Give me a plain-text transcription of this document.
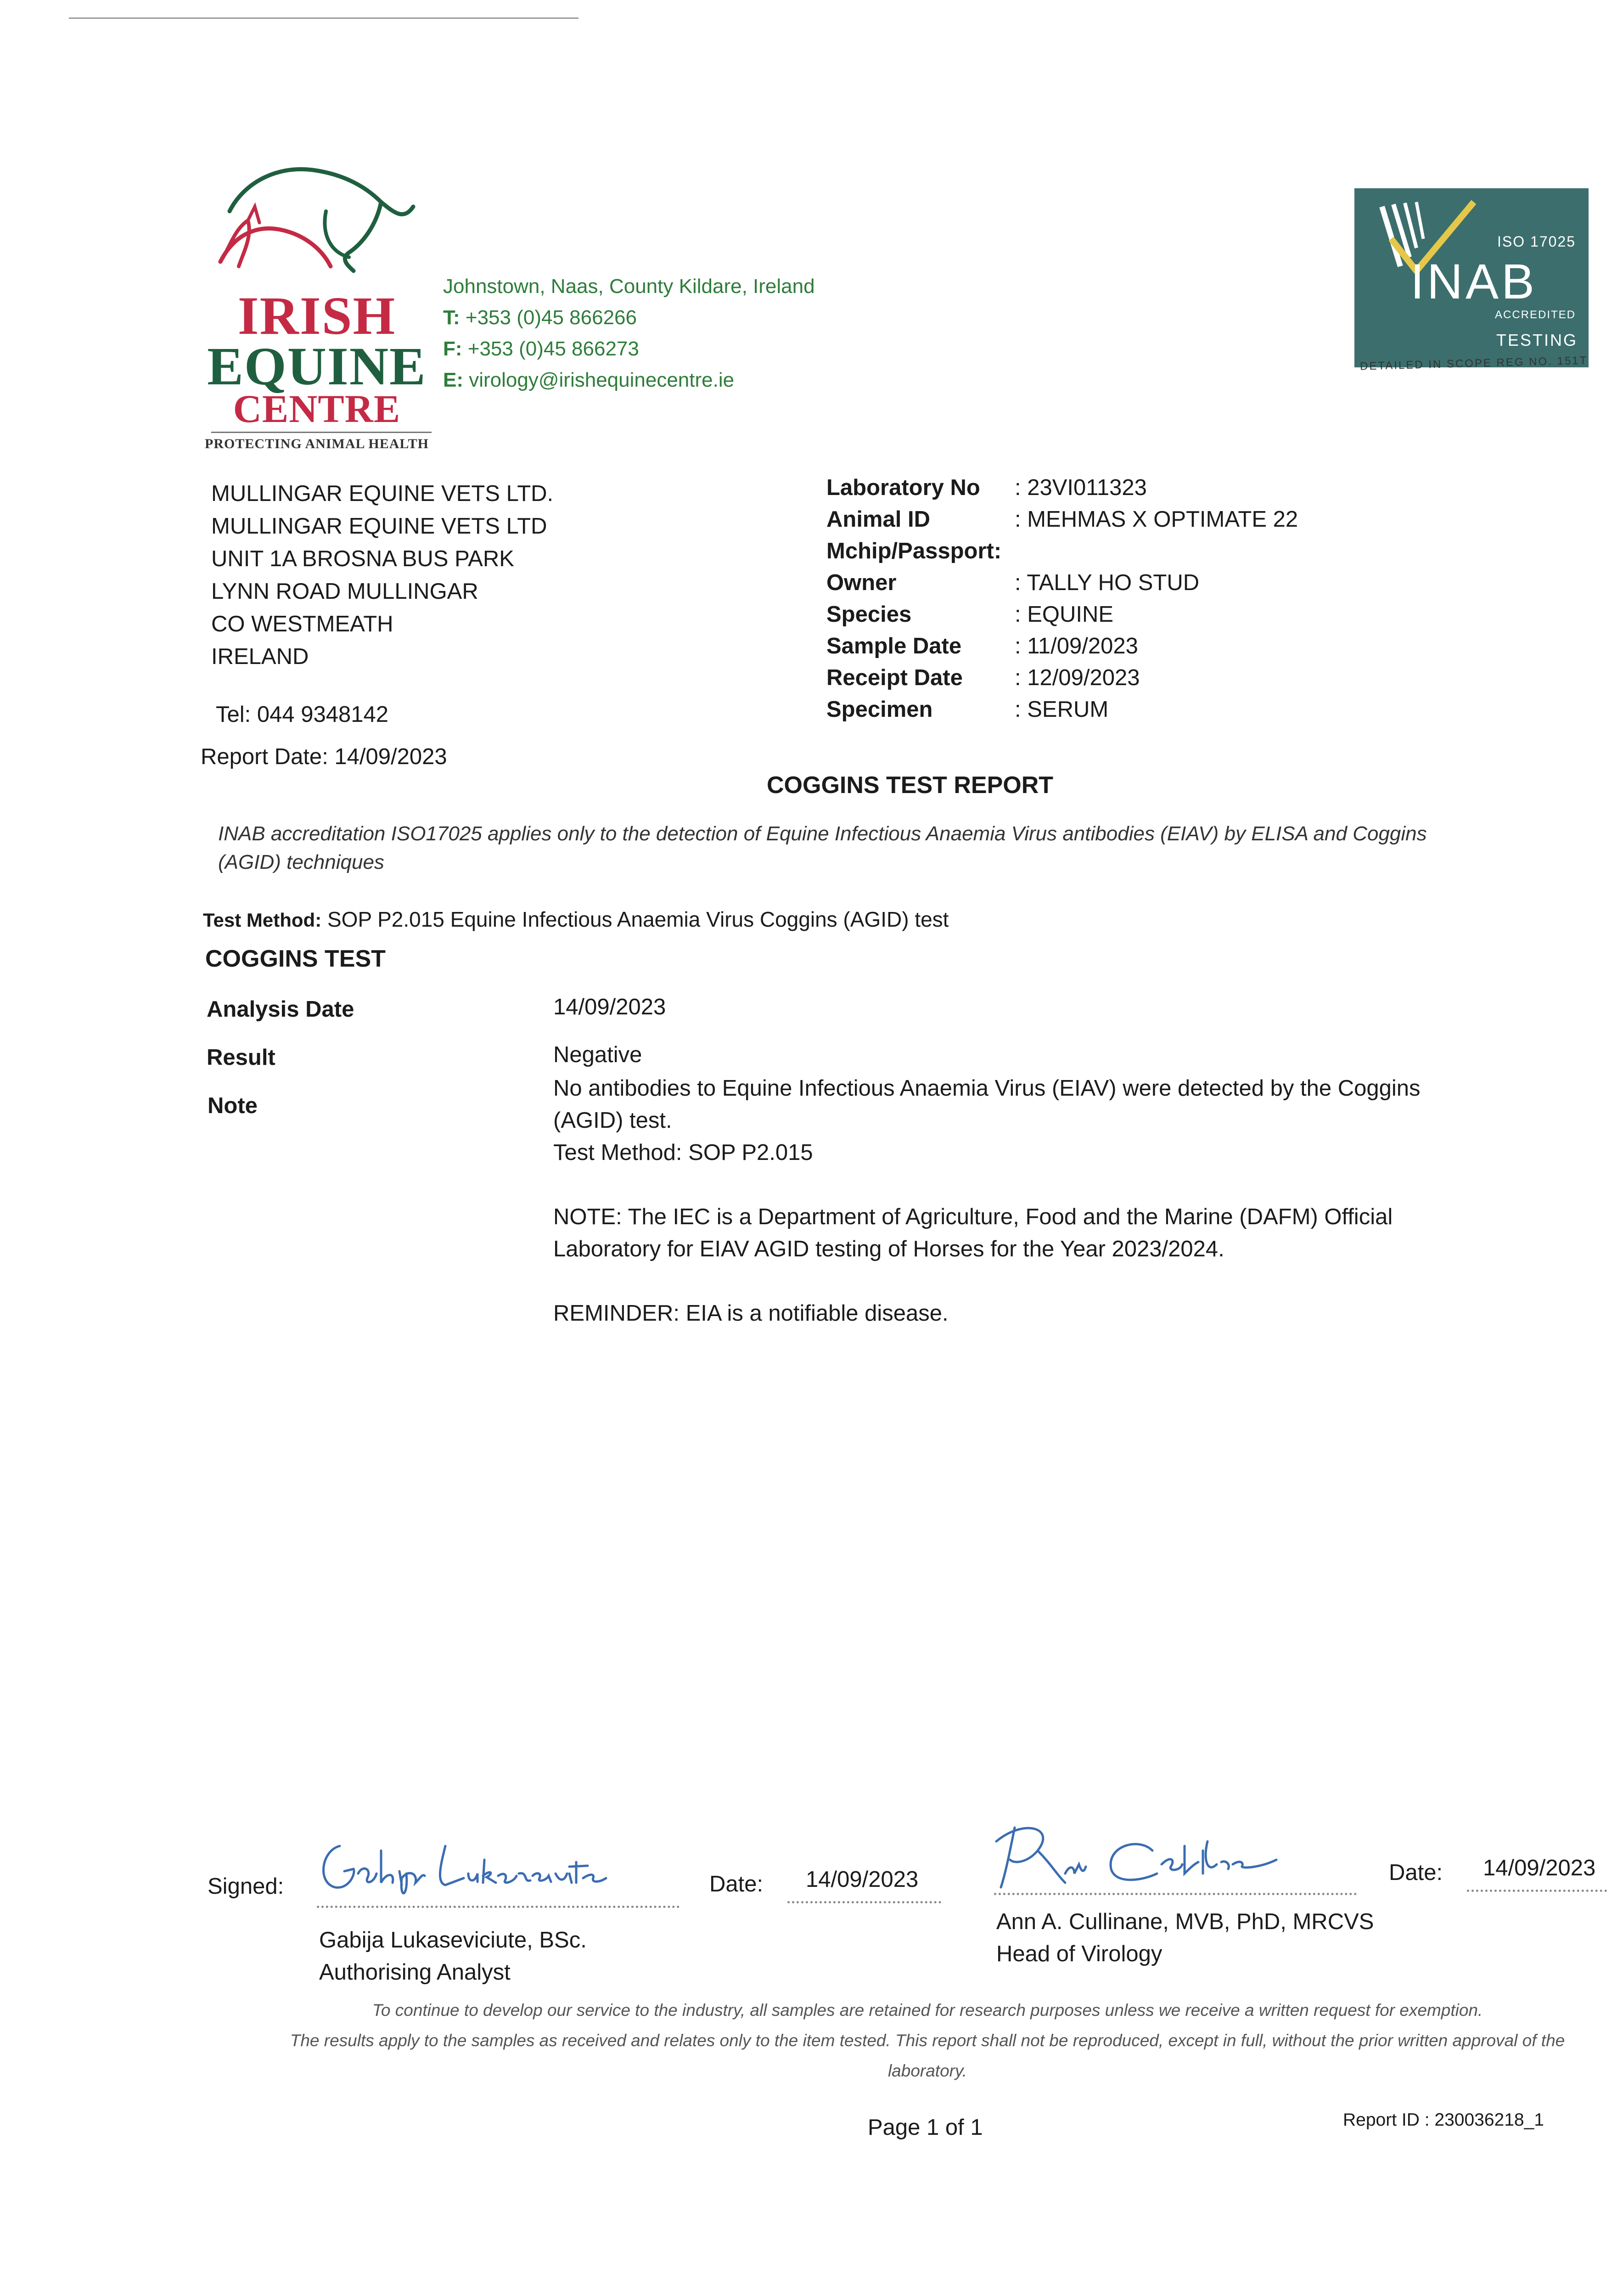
IRISH
EQUINE
CENTRE
PROTECTING ANIMAL HEALTH
Johnstown, Naas, County Kildare, Ireland
T: +353 (0)45 866266
F: +353 (0)45 866273
E: virology@irishequinecentre.ie
ISO 17025
INAB
ACCREDITED
TESTING
DETAILED IN SCOPE REG NO. 151T
MULLINGAR EQUINE VETS LTD.
MULLINGAR EQUINE VETS LTD
UNIT 1A BROSNA BUS PARK
LYNN ROAD MULLINGAR
CO WESTMEATH
IRELAND
Tel: 044 9348142
Report Date: 14/09/2023
Laboratory No : 23VI011323
Animal ID	: MEHMAS X OPTIMATE 22
Mchip/Passport:
Owner	: TALLY HO STUD
Species	: EQUINE
Sample Date : 11/09/2023
Receipt Date : 12/09/2023
Specimen	: SERUM
COGGINS TEST REPORT
INAB accreditation ISO17025 applies only to the detection of Equine Infectious Anaemia Virus antibodies (EIAV) by ELISA and Coggins (AGID) techniques
Test Method: SOP P2.015 Equine Infectious Anaemia Virus Coggins (AGID) test
COGGINS TEST
Analysis Date	14/09/2023
Result	Negative
Note

No antibodies to Equine Infectious Anaemia Virus (EIAV) were detected by the Coggins (AGID) test.
Test Method: SOP P2.015

NOTE: The IEC is a Department of Agriculture, Food and the Marine (DAFM) Official Laboratory for EIAV AGID testing of Horses for the Year 2023/2024.

REMINDER: EIA is a notifiable disease.

Signed:
Gabija Lukaseviciute, BSc.
Authorising Analyst
Date: 14/09/2023
Ann A. Cullinane, MVB, PhD, MRCVS
Head of Virology
Date: 14/09/2023
To continue to develop our service to the industry, all samples are retained for research purposes unless we receive a written request for exemption.
The results apply to the samples as received and relates only to the item tested. This report shall not be reproduced, except in full, without the prior written approval of the laboratory.
Page 1 of 1	Report ID : 230036218_1
